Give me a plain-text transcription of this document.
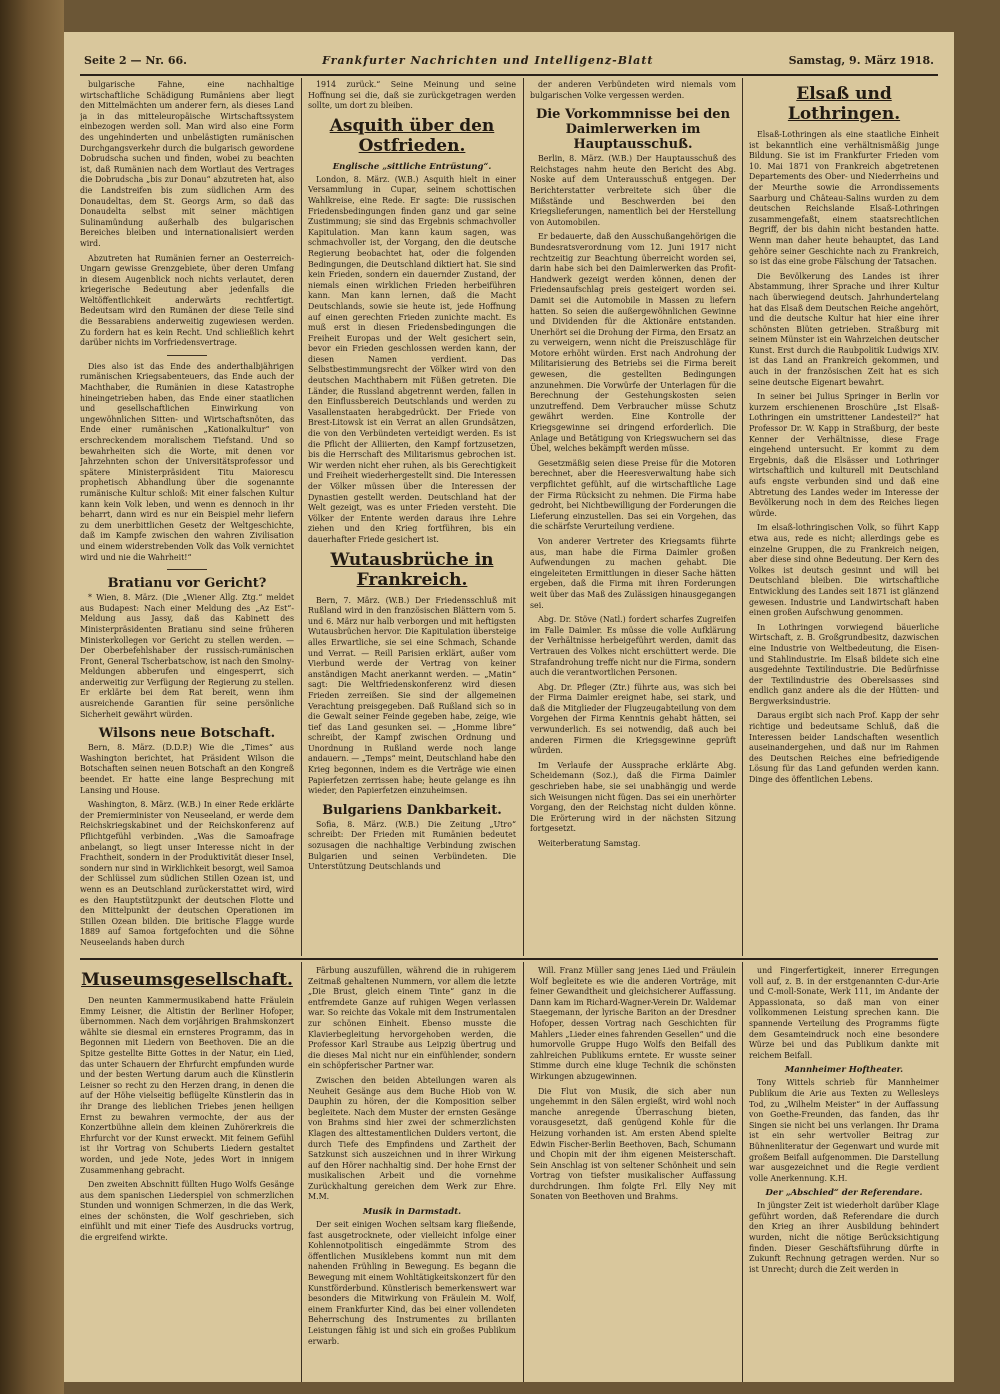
Seite 2 — Nr. 66.	Frankfurter Nachrichten und Intelligenz-Blatt	Samstag, 9. März 1918.

bulgarische Fahne, eine nachhaltige wirtschaftliche Schädigung Rumäniens aber liegt den Mittelmächten um anderer fern, als dieses Land ja in das mitteleuropäische Wirtschaftssystem einbezogen werden soll. Man wird also eine Form des ungehinderten und unbelästigten rumänischen Durchgangsverkehr durch die bulgarisch gewordene Dobrudscha suchen und finden, wobei zu beachten ist, daß Rumänien nach dem Wortlaut des Vertrages die Dobrudscha „bis zur Donau“ abzutreten hat, also die Landstreifen bis zum südlichen Arm des Donaudeltas, dem St. Georgs Arm, so daß das Donaudelta selbst mit seiner mächtigen Sulinamündung außerhalb des bulgarischen Bereiches bleiben und internationalisiert werden wird.

Abzutreten hat Rumänien ferner an Oesterreich-Ungarn gewisse Grenzgebiete, über deren Umfang in diesem Augenblick noch nichts verlautet, deren kriegerische Bedeutung aber jedenfalls die Weltöffentlichkeit anderwärts rechtfertigt. Bedeutsam wird den Rumänen der diese Teile sind die Bessarabiens anderweitig zugewiesen werden. Zu fordern hat es kein Recht. Und schließlich kehrt darüber nichts im Vorfriedensvertrage.

Dies also ist das Ende des anderthalbjährigen rumänischen Kriegsabenteuers, das Ende auch der Machthaber, die Rumänien in diese Katastrophe hineingetrieben haben, das Ende einer staatlichen und gesellschaftlichen Einwirkung von ungewöhnlichen Sitten- und Wirtschaftsnöten, das Ende einer rumänischen „Kationalkultur“ von erschreckendem moralischem Tiefstand. Und so bewahrheiten sich die Worte, mit denen vor Jahrzehnten schon der Universitätsprofessor und spätere Ministerpräsident Titu Maiorescu prophetisch Abhandlung über die sogenannte rumänische Kultur schloß: Mit einer falschen Kultur kann kein Volk leben, und wenn es dennoch in ihr beharrt, dann wird es nur ein Beispiel mehr liefern zu dem unerbittlichen Gesetz der Weltgeschichte, daß im Kampfe zwischen den wahren Zivilisation und einem widerstrebenden Volk das Volk vernichtet wird und nie die Wahrheit!“

Bratianu vor Gericht?

* Wien, 8. März. (Die „Wiener Allg. Ztg.“ meldet aus Budapest: Nach einer Meldung des „Az Est“-Meldung aus Jassy, daß das Kabinett des Ministerpräsidenten Bratianu sind seine früheren Ministerkollegen vor Gericht zu stellen werden. — Der Oberbefehlshaber der russisch-rumänischen Front, General Tscherbatschow, ist nach den Smolny-Meldungen abberufen und eingesperrt, sich anderweitig zur Verfügung der Regierung zu stellen. Er erklärte bei dem Rat bereit, wenn ihm ausreichende Garantien für seine persönliche Sicherheit gewährt würden.

Wilsons neue Botschaft.

Bern, 8. März. (D.D.P.) Wie die „Times“ aus Washington berichtet, hat Präsident Wilson die Botschaften seinen neuen Botschaft an den Kongreß beendet. Er hatte eine lange Besprechung mit Lansing und House.

Washington, 8. März. (W.B.) In einer Rede erklärte der Premierminister von Neuseeland, er werde dem Reichskriegskabinet und der Reichskonferenz auf Pflichtgefühl verbinden. „Was die Samoafrage anbelangt, so liegt unser Interesse nicht in der Frachtheit, sondern in der Produktivität dieser Insel, sondern nur sind in Wirklichkeit besorgt, weil Samoa der Schlüssel zum südlichen Stillen Ozean ist, und wenn es an Deutschland zurückerstattet wird, wird es den Hauptstützpunkt der deutschen Flotte und den Mittelpunkt der deutschen Operationen im Stillen Ozean bilden. Die britische Flagge wurde 1889 auf Samoa fortgefochten und die Söhne Neuseelands haben durch

1914 zurück.“ Seine Meinung und seine Hoffnung sei die, daß sie zurückgetragen werden sollte, um dort zu bleiben.

Asquith über den Ostfrieden.
Englische „sittliche Entrüstung“.

London, 8. März. (W.B.) Asquith hielt in einer Versammlung in Cupar, seinem schottischen Wahlkreise, eine Rede. Er sagte: Die russischen Friedensbedingungen finden ganz und gar seine Zustimmung; sie sind das Ergebnis schmachvoller Kapitulation. Man kann kaum sagen, was schmachvoller ist, der Vorgang, den die deutsche Regierung beobachtet hat, oder die folgenden Bedingungen, die Deutschland diktiert hat. Sie sind kein Frieden, sondern ein dauernder Zustand, der niemals einen wirklichen Frieden herbeiführen kann. Man kann lernen, daß die Macht Deutschlands, sowie sie heute ist, jede Hoffnung auf einen gerechten Frieden zunichte macht. Es muß erst in diesen Friedensbedingungen die Freiheit Europas und der Welt gesichert sein, bevor ein Frieden geschlossen werden kann, der diesen Namen verdient. Das Selbstbestimmungsrecht der Völker wird von den deutschen Machthabern mit Füßen getreten. Die Länder, die Russland abgetrennt werden, fallen in den Einflussbereich Deutschlands und werden zu Vasallenstaaten herabgedrückt. Der Friede von Brest-Litowsk ist ein Verrat an allen Grundsätzen, die von den Verbündeten verteidigt werden. Es ist die Pflicht der Alliierten, den Kampf fortzusetzen, bis die Herrschaft des Militarismus gebrochen ist. Wir werden nicht eher ruhen, als bis Gerechtigkeit und Freiheit wiederhergestellt sind. Die Interessen der Völker müssen über die Interessen der Dynastien gestellt werden. Deutschland hat der Welt gezeigt, was es unter Frieden versteht. Die Völker der Entente werden daraus ihre Lehre ziehen und den Krieg fortführen, bis ein dauerhafter Friede gesichert ist.

Wutausbrüche in Frankreich.

Bern, 7. März. (W.B.) Der Friedensschluß mit Rußland wird in den französischen Blättern vom 5. und 6. März nur halb verborgen und mit heftigsten Wutausbrüchen hervor. Die Kapitulation übersteige alles Erwartliche, sie sei eine Schmach, Schande und Verrat. — Reill Parisien erklärt, außer vom Vierbund werde der Vertrag von keiner anständigen Macht anerkannt werden. — „Matin“ sagt: Die Weltfriedenskonferenz wird diesen Frieden zerreißen. Sie sind der allgemeinen Verachtung preisgegeben. Daß Rußland sich so in die Gewalt seiner Feinde gegeben habe, zeige, wie tief das Land gesunken sei. — „Homme libre“ schreibt, der Kampf zwischen Ordnung und Unordnung in Rußland werde noch lange andauern. — „Temps“ meint, Deutschland habe den Krieg begonnen, indem es die Verträge wie einen Papierfetzen zerrissen habe; heute gelange es ihn wieder, den Papierfetzen einzuheimsen.

Bulgariens Dankbarkeit.

Sofia, 8. März. (W.B.) Die Zeitung „Utro“ schreibt: Der Frieden mit Rumänien bedeutet sozusagen die nachhaltige Verbindung zwischen Bulgarien und seinen Verbündeten. Die Unterstützung Deutschlands und

der anderen Verbündeten wird niemals vom bulgarischen Volke vergessen werden.

Die Vorkommnisse bei den Daimlerwerken im Hauptausschuß.

Berlin, 8. März. (W.B.) Der Hauptausschuß des Reichstages nahm heute den Bericht des Abg. Noske auf dem Unterausschuß entgegen. Der Berichterstatter verbreitete sich über die Mißstände und Beschwerden bei den Kriegslieferungen, namentlich bei der Herstellung von Automobilen.

Er bedauerte, daß den Ausschußangehörigen die Bundesratsverordnung vom 12. Juni 1917 nicht rechtzeitig zur Beachtung überreicht worden sei, darin habe sich bei den Daimlerwerken das Profit-Handwerk gezeigt werden können, denen der Friedensaufschlag preis gesteigert worden sei. Damit sei die Automobile in Massen zu liefern hatten. So seien die außergewöhnlichen Gewinne und Dividenden für die Aktionäre entstanden. Unerhört sei die Drohung der Firma, den Ersatz an zu verweigern, wenn nicht die Preiszuschläge für Motore erhöht würden. Erst nach Androhung der Militarisierung des Betriebs sei die Firma bereit gewesen, die gestellten Bedingungen anzunehmen. Die Vorwürfe der Unterlagen für die Berechnung der Gestehungskosten seien unzutreffend. Dem Verbraucher müsse Schutz gewährt werden. Eine Kontrolle der Kriegsgewinne sei dringend erforderlich. Die Anlage und Betätigung von Kriegswuchern sei das Übel, welches bekämpft werden müsse.

Gesetzmäßig seien diese Preise für die Motoren berechnet, aber die Heeresverwaltung habe sich verpflichtet gefühlt, auf die wirtschaftliche Lage der Firma Rücksicht zu nehmen. Die Firma habe gedroht, bei Nichtbewilligung der Forderungen die Lieferung einzustellen. Das sei ein Vorgehen, das die schärfste Verurteilung verdiene.

Von anderer Vertreter des Kriegsamts führte aus, man habe die Firma Daimler großen Aufwendungen zu machen gehabt. Die eingeleiteten Ermittlungen in dieser Sache hätten ergeben, daß die Firma mit ihren Forderungen weit über das Maß des Zulässigen hinausgegangen sei.

Abg. Dr. Stöve (Natl.) fordert scharfes Zugreifen im Falle Daimler. Es müsse die volle Aufklärung der Verhältnisse herbeigeführt werden, damit das Vertrauen des Volkes nicht erschüttert werde. Die Strafandrohung treffe nicht nur die Firma, sondern auch die verantwortlichen Personen.

Abg. Dr. Pfleger (Ztr.) führte aus, was sich bei der Firma Daimler ereignet habe, sei stark, und daß die Mitglieder der Flugzeugabteilung von dem Vorgehen der Firma Kenntnis gehabt hätten, sei verwunderlich. Es sei notwendig, daß auch bei anderen Firmen die Kriegsgewinne geprüft würden.

Im Verlaufe der Aussprache erklärte Abg. Scheidemann (Soz.), daß die Firma Daimler geschrieben habe, sie sei unabhängig und werde sich Weisungen nicht fügen. Das sei ein unerhörter Vorgang, den der Reichstag nicht dulden könne. Die Erörterung wird in der nächsten Sitzung fortgesetzt.

Weiterberatung Samstag.

Elsaß und Lothringen.

Elsaß-Lothringen als eine staatliche Einheit ist bekanntlich eine verhältnismäßig junge Bildung. Sie ist im Frankfurter Frieden vom 10. Mai 1871 von Frankreich abgetretenen Departements des Ober- und Niederrheins und der Meurthe sowie die Arrondissements Saarburg und Château-Salins wurden zu dem deutschen Reichslande Elsaß-Lothringen zusammengefaßt, einem staatsrechtlichen Begriff, der bis dahin nicht bestanden hatte. Wenn man daher heute behauptet, das Land gehöre seiner Geschichte nach zu Frankreich, so ist das eine grobe Fälschung der Tatsachen.

Die Bevölkerung des Landes ist ihrer Abstammung, ihrer Sprache und ihrer Kultur nach überwiegend deutsch. Jahrhundertelang hat das Elsaß dem Deutschen Reiche angehört, und die deutsche Kultur hat hier eine ihrer schönsten Blüten getrieben. Straßburg mit seinem Münster ist ein Wahrzeichen deutscher Kunst. Erst durch die Raubpolitik Ludwigs XIV. ist das Land an Frankreich gekommen, und auch in der französischen Zeit hat es sich seine deutsche Eigenart bewahrt.

In seiner bei Julius Springer in Berlin vor kurzem erschienenen Broschüre „Ist Elsaß-Lothringen ein umstrittener Landesteil?“ hat Professor Dr. W. Kapp in Straßburg, der beste Kenner der Verhältnisse, diese Frage eingehend untersucht. Er kommt zu dem Ergebnis, daß die Elsässer und Lothringer wirtschaftlich und kulturell mit Deutschland aufs engste verbunden sind und daß eine Abtretung des Landes weder im Interesse der Bevölkerung noch in dem des Reiches liegen würde.

Im elsaß-lothringischen Volk, so führt Kapp etwa aus, rede es nicht; allerdings gebe es einzelne Gruppen, die zu Frankreich neigen, aber diese sind ohne Bedeutung. Der Kern des Volkes ist deutsch gesinnt und will bei Deutschland bleiben. Die wirtschaftliche Entwicklung des Landes seit 1871 ist glänzend gewesen. Industrie und Landwirtschaft haben einen großen Aufschwung genommen.

In Lothringen vorwiegend bäuerliche Wirtschaft, z. B. Großgrundbesitz, dazwischen eine Industrie von Weltbedeutung, die Eisen- und Stahlindustrie. Im Elsaß bildete sich eine ausgedehnte Textilindustrie. Die Bedürfnisse der Textilindustrie des Oberelsasses sind endlich ganz andere als die der Hütten- und Bergwerksindustrie.

Daraus ergibt sich nach Prof. Kapp der sehr richtige und bedeutsame Schluß, daß die Interessen beider Landschaften wesentlich auseinandergehen, und daß nur im Rahmen des Deutschen Reiches eine befriedigende Lösung für das Land gefunden werden kann. Dinge des öffentlichen Lebens.

Museumsgesellschaft.

Den neunten Kammermusikabend hatte Fräulein Emmy Leisner, die Altistin der Berliner Hofoper, übernommen. Nach dem vorjährigen Brahmskonzert wählte sie diesmal ein ernsteres Programm, das in Begonnen mit Liedern von Beethoven. Die an die Spitze gestellte Bitte Gottes in der Natur, ein Lied, das unter Schauern der Ehrfurcht empfunden wurde und der besten Wertung darum auch die Künstlerin Leisner so recht zu den Herzen drang, in denen die auf der Höhe vielseitig beflügelte Künstlerin das in ihr Drange des lieblichen Triebes jenen heiligen Ernst zu bewahren vermochte, der aus der Konzertbühne allein dem kleinen Zuhörerkreis die Ehrfurcht vor der Kunst erweckt. Mit feinem Gefühl ist ihr Vortrag von Schuberts Liedern gestaltet worden, und jede Note, jedes Wort in innigem Zusammenhang gebracht.

Den zweiten Abschnitt füllten Hugo Wolfs Gesänge aus dem spanischen Liederspiel von schmerzlichen Stunden und wonnigen Schmerzen, in die das Werk, eines der schönsten, die Wolf geschrieben, sich einfühlt und mit einer Tiefe des Ausdrucks vortrug, die ergreifend wirkte.

Färbung auszufüllen, während die in ruhigerem Zeitmaß gehaltenen Nummern, vor allem die letzte „Die Brust, gleich einem Tinte“ ganz in die entfremdete Ganze auf ruhigen Wegen verlassen war. So reichte das Vokale mit dem Instrumentalen zur schönen Einheit. Ebenso musste die Klavierbegleitung hervorgehoben werden, die Professor Karl Straube aus Leipzig übertrug und die dieses Mal nicht nur ein einfühlender, sondern ein schöpferischer Partner war.

Zwischen den beiden Abteilungen waren als Neuheit Gesänge aus dem Buche Hiob von W. Dauphin zu hören, der die Komposition selber begleitete. Nach dem Muster der ernsten Gesänge von Brahms sind hier zwei der schmerzlichsten Klagen des alttestamentlichen Dulders vertont, die durch Tiefe des Empfindens und Zartheit der Satzkunst sich auszeichnen und in ihrer Wirkung auf den Hörer nachhaltig sind. Der hohe Ernst der musikalischen Arbeit und die vornehme Zurückhaltung gereichen dem Werk zur Ehre. M.M.

Musik in Darmstadt.

Der seit einigen Wochen seltsam karg fließende, fast ausgetrocknete, oder vielleicht infolge einer Kohlennotpolitisch eingedämmte Strom des öffentlichen Musiklebens kommt nun mit dem nahenden Frühling in Bewegung. Es begann die Bewegung mit einem Wohltätigkeitskonzert für den Kunstförderbund. Künstlerisch bemerkenswert war besonders die Mitwirkung von Fräulein M. Wolf, einem Frankfurter Kind, das bei einer vollendeten Beherrschung des Instrumentes zu brillanten Leistungen fähig ist und sich ein großes Publikum erwarb.

Will. Franz Müller sang jenes Lied und Fräulein Wolf begleitete es wie die anderen Vorträge, mit feiner Gewandtheit und gleichsicherer Auffassung. Dann kam im Richard-Wagner-Verein Dr. Waldemar Staegemann, der lyrische Bariton an der Dresdner Hofoper, dessen Vortrag nach Geschichten für Mahlers „Lieder eines fahrenden Gesellen“ und die humorvolle Gruppe Hugo Wolfs den Beifall des zahlreichen Publikums erntete. Er wusste seiner Stimme durch eine kluge Technik die schönsten Wirkungen abzugewinnen.

Die Flut von Musik, die sich aber nun ungehemmt in den Sälen ergießt, wird wohl noch manche anregende Überraschung bieten, vorausgesetzt, daß genügend Kohle für die Heizung vorhanden ist. Am ersten Abend spielte Edwin Fischer-Berlin Beethoven, Bach, Schumann und Chopin mit der ihm eigenen Meisterschaft. Sein Anschlag ist von seltener Schönheit und sein Vortrag von tiefster musikalischer Auffassung durchdrungen. Ihm folgte Frl. Elly Ney mit Sonaten von Beethoven und Brahms.

und Fingerfertigkeit, innerer Erregungen voll auf, z. B. in der erstgenannten C-dur-Arie und C-moll-Sonate, Werk 111, im Andante der Appassionata, so daß man von einer vollkommenen Leistung sprechen kann. Die spannende Verteilung des Programms fügte dem Gesamteindruck noch eine besondere Würze bei und das Publikum dankte mit reichem Beifall.

Mannheimer Hoftheater.

Tony Wittels schrieb für Mannheimer Publikum die Arie aus Texten zu Wellesleys Tod, zu „Wilhelm Meister“ in der Auffassung von Goethe-Freunden, das fanden, das ihr Singen sie nicht bei uns verlangen. Ihr Drama ist ein sehr wertvoller Beitrag zur Bühnenliteratur der Gegenwart und wurde mit großem Beifall aufgenommen. Die Darstellung war ausgezeichnet und die Regie verdient volle Anerkennung. K.H.

Der „Abschied“ der Referendare.

In jüngster Zeit ist wiederholt darüber Klage geführt worden, daß Referendare die durch den Krieg an ihrer Ausbildung behindert wurden, nicht die nötige Berücksichtigung finden. Dieser Geschäftsführung dürfte in Zukunft Rechnung getragen werden. Nur so ist Unrecht; durch die Zeit werden in
